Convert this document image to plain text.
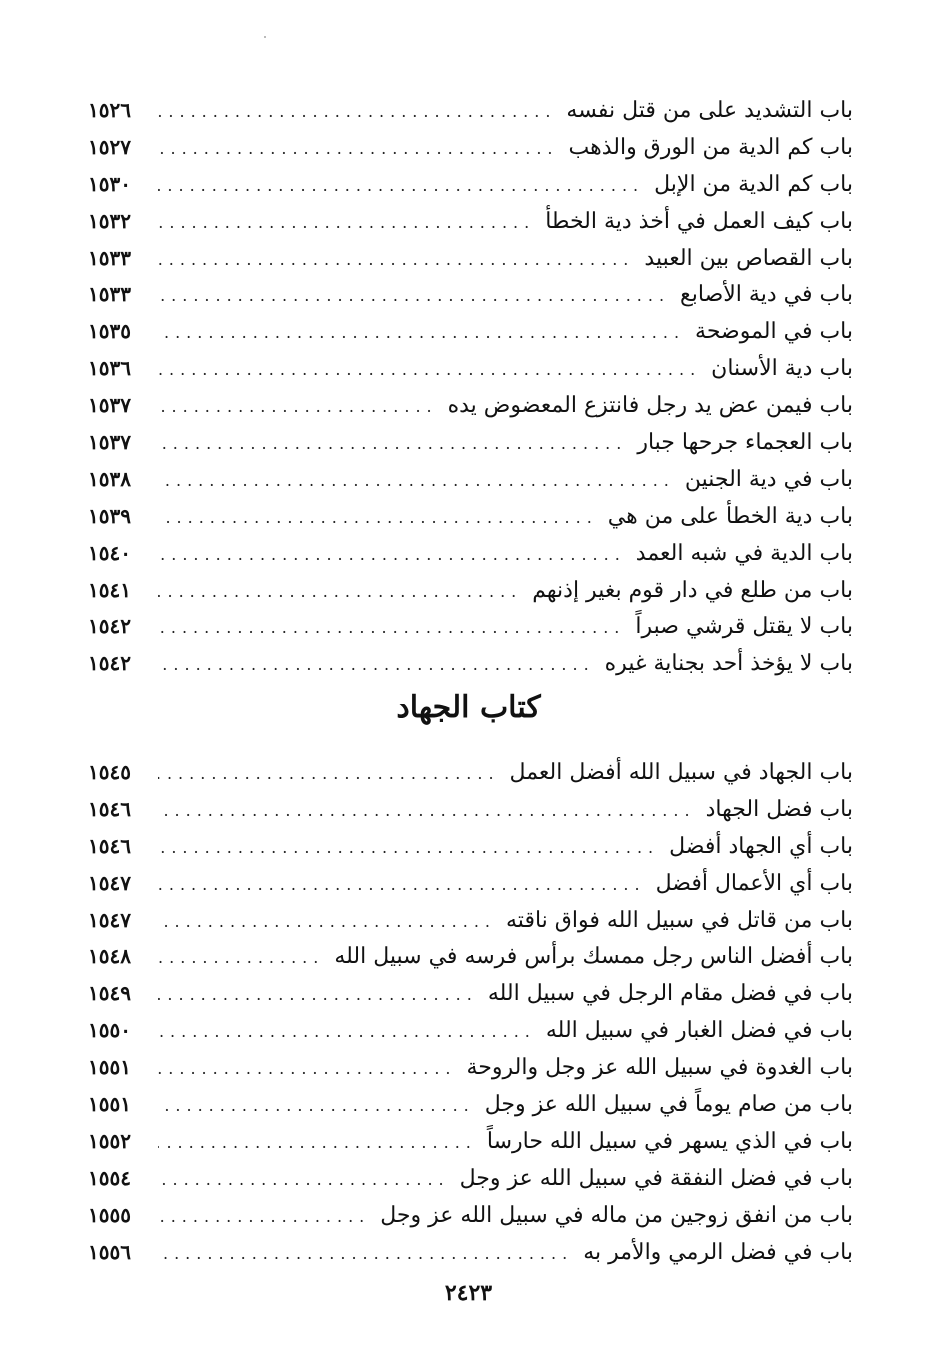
باب التشديد على من قتل نفسه
.....
١٥٢٦
باب كم الدية من الورق والذهب
.....
١٥٢٧
باب كم الدية من الإبل
.....
١٥٣٠
باب كيف العمل في أخذ دية الخطأ
.....
١٥٣٢
باب القصاص بين العبيد
.....
١٥٣٣
باب في دية الأصابع
.....
١٥٣٣
باب في الموضحة
.....
١٥٣٥
باب دية الأسنان
.....
١٥٣٦
باب فيمن عض يد رجل فانتزع المعضوض يده
.....
١٥٣٧
باب العجماء جرحها جبار
.....
١٥٣٧
باب في دية الجنين
.....
١٥٣٨
باب دية الخطأ على من هي
.....
١٥٣٩
باب الدية في شبه العمد
.....
١٥٤٠
باب من طلع في دار قوم بغير إذنهم
.....
١٥٤١
باب لا يقتل قرشي صبراً
.....
١٥٤٢
باب لا يؤخذ أحد بجناية غيره
.....
١٥٤٢
كتاب الجهاد
باب الجهاد في سبيل الله أفضل العمل
.....
١٥٤٥
باب فضل الجهاد
.....
١٥٤٦
باب أي الجهاد أفضل
.....
١٥٤٦
باب أي الأعمال أفضل
.....
١٥٤٧
باب من قاتل في سبيل الله فواق ناقته
.....
١٥٤٧
باب أفضل الناس رجل ممسك برأس فرسه في سبيل الله
.....
١٥٤٨
باب في فضل مقام الرجل في سبيل الله
.....
١٥٤٩
باب في فضل الغبار في سبيل الله
.....
١٥٥٠
باب الغدوة في سبيل الله عز وجل والروحة
.....
١٥٥١
باب من صام يوماً في سبيل الله عز وجل
.....
١٥٥١
باب في الذي يسهر في سبيل الله حارساً
.....
١٥٥٢
باب في فضل النفقة في سبيل الله عز وجل
.....
١٥٥٤
باب من انفق زوجين من ماله في سبيل الله عز وجل
.....
١٥٥٥
باب في فضل الرمي والأمر به
.....
١٥٥٦
٢٤٢٣
